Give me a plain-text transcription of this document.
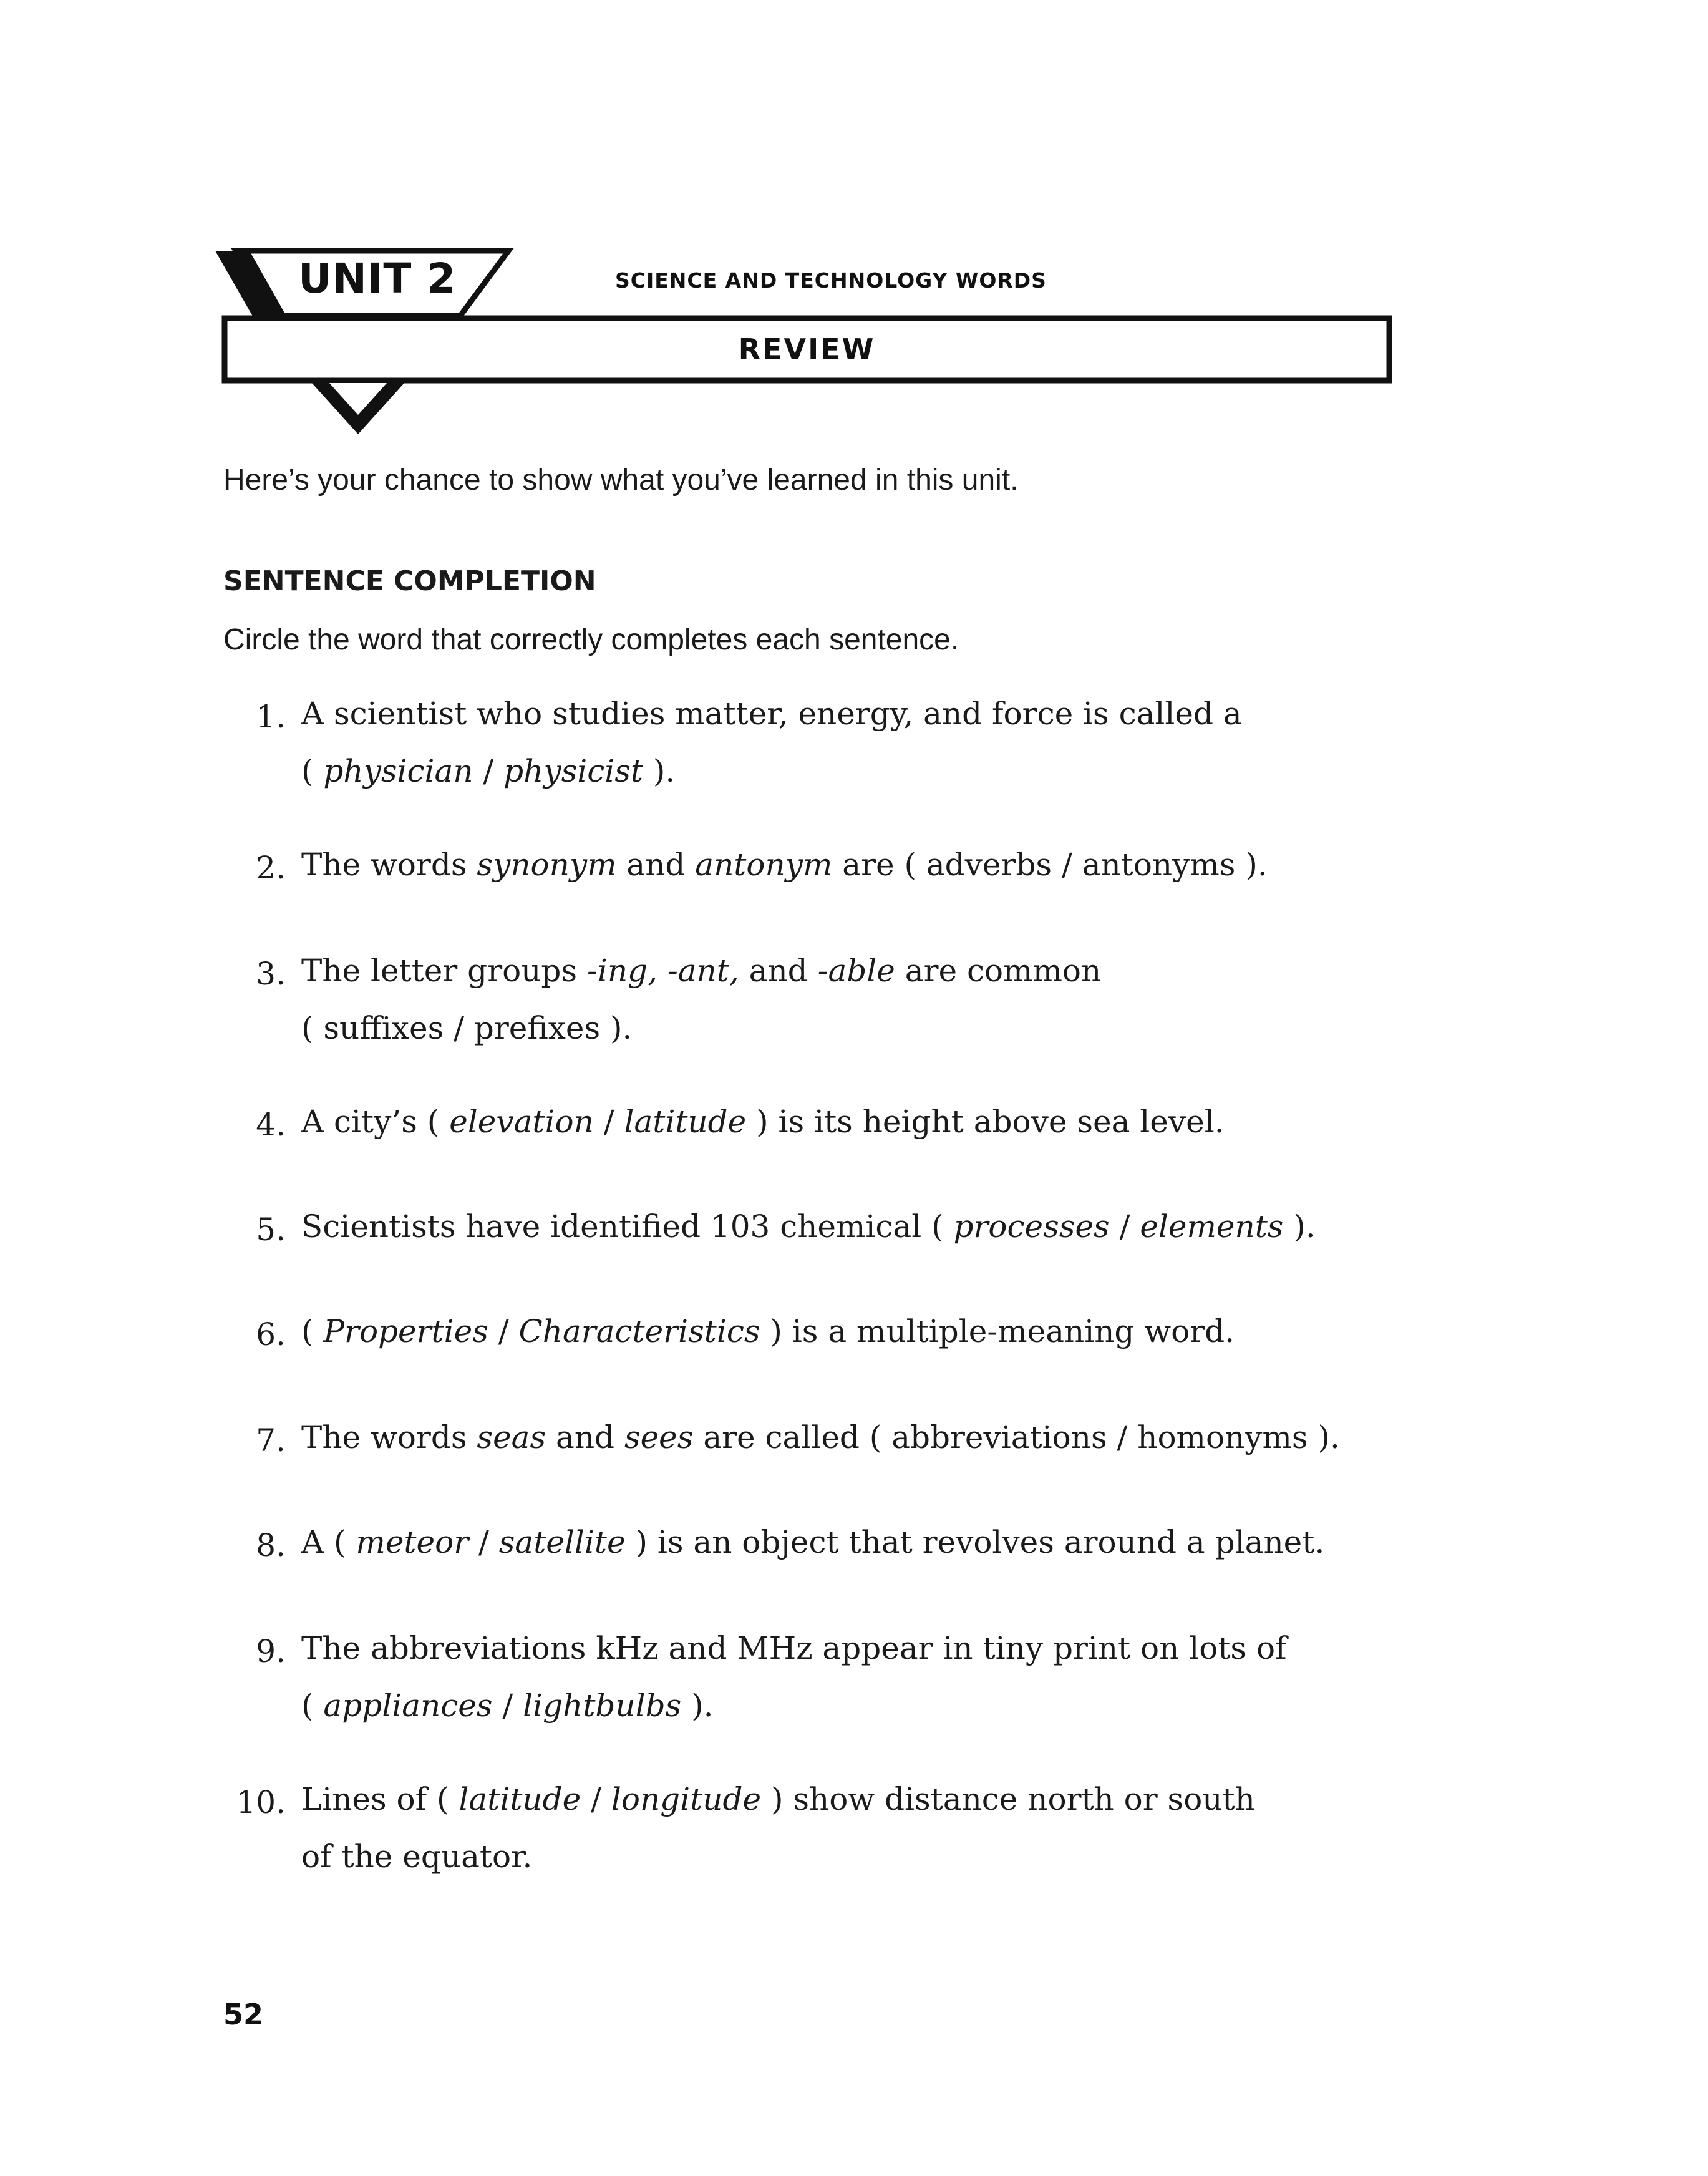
UNIT 2	SCIENCE AND TECHNOLOGY WORDS
REVIEW
Here’s your chance to show what you’ve learned in this unit.
SENTENCE COMPLETION
Circle the word that correctly completes each sentence.
1. A scientist who studies matter, energy, and force is called a
( physician / physicist ).
2. The words synonym and antonym are ( adverbs / antonyms ).
3. The letter groups -ing, -ant, and -able are common
( suffixes / prefixes ).
4. A city’s ( elevation / latitude ) is its height above sea level.
5. Scientists have identified 103 chemical ( processes / elements ).
6. ( Properties / Characteristics ) is a multiple-meaning word.
7. The words seas and sees are called ( abbreviations / homonyms ).
8. A ( meteor / satellite ) is an object that revolves around a planet.
9. The abbreviations kHz and MHz appear in tiny print on lots of
( appliances / lightbulbs ).
10. Lines of ( latitude / longitude ) show distance north or south
of the equator.
52
